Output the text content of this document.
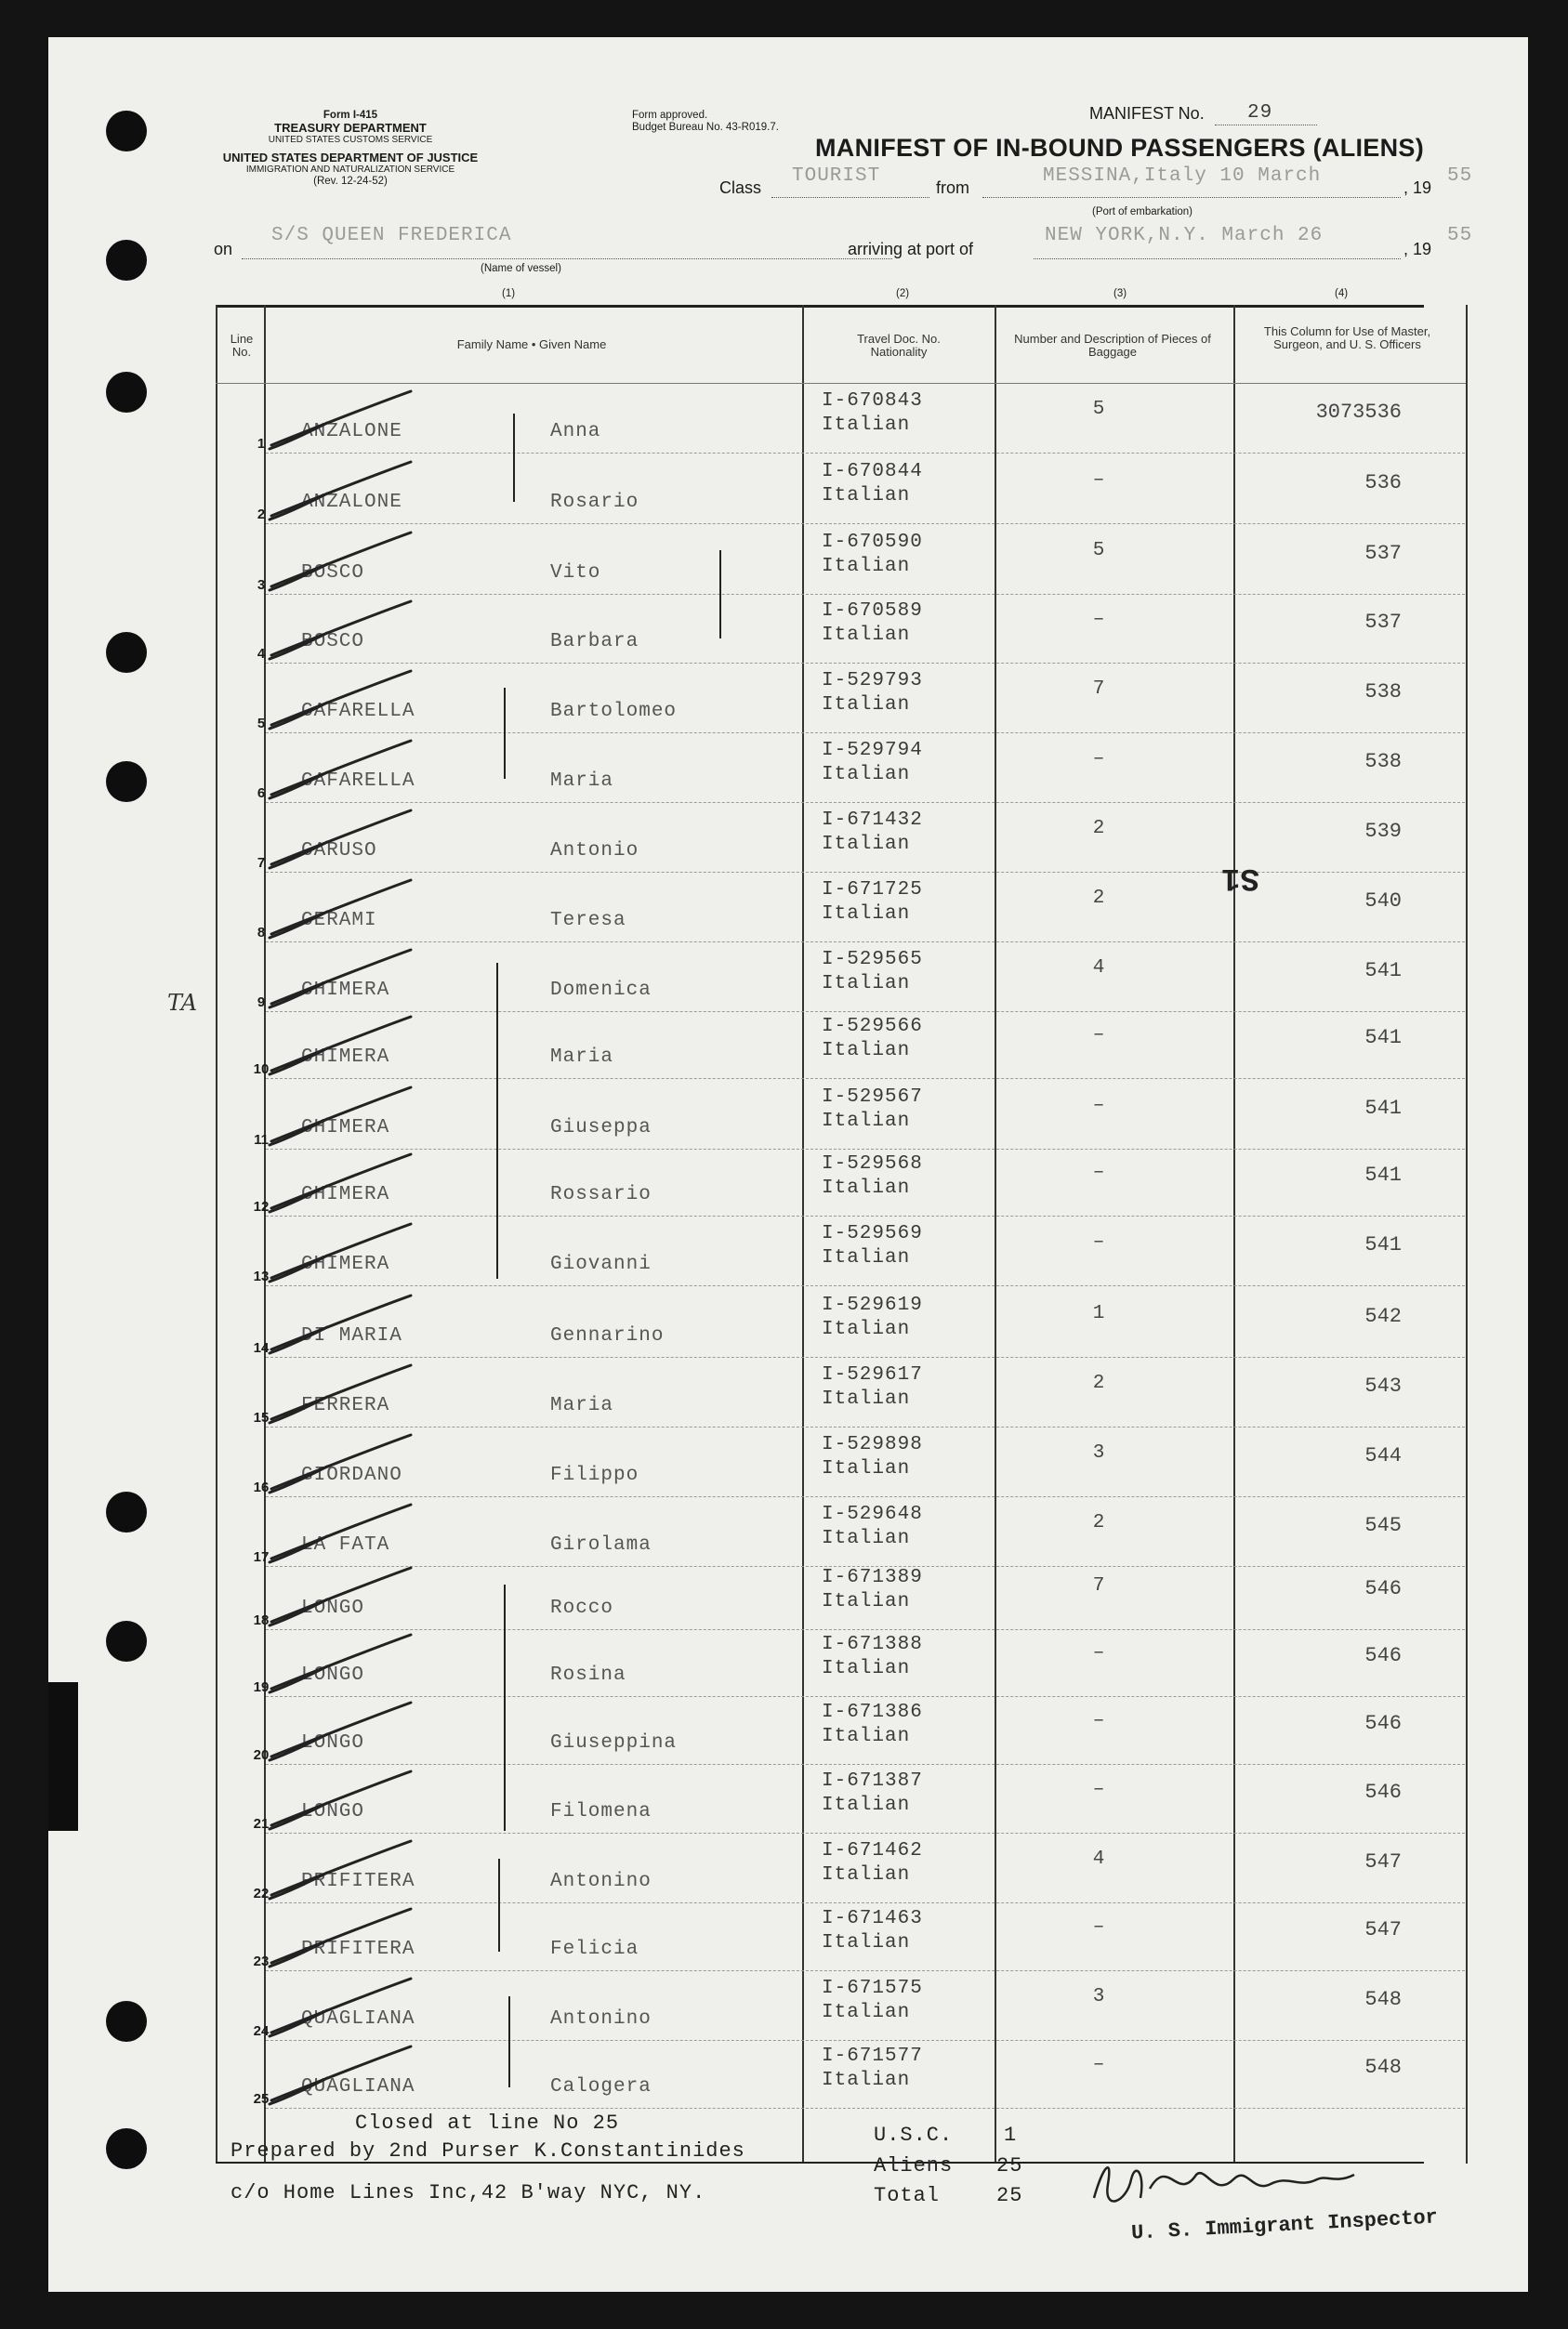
Form I-415
TREASURY DEPARTMENT
UNITED STATES CUSTOMS SERVICE
UNITED STATES DEPARTMENT OF JUSTICE
IMMIGRATION AND NATURALIZATION SERVICE
(Rev. 12-24-52)
Form approved.
Budget Bureau No. 43-R019.7.
MANIFEST No. 29
MANIFEST OF IN-BOUND PASSENGERS (ALIENS)
Class
TOURIST
from
MESSINA,Italy 10 March
, 19
55
(Port of embarkation)
S/S QUEEN FREDERICA
on
(Name of vessel)
arriving at port of
NEW YORK,N.Y. March 26
, 19
55
(1)	(2)	(3)	(4)
Line No.
Family Name • Given Name	Travel Doc. No. Nationality
Number and Description of Pieces of Baggage
This Column for Use of Master, Surgeon, and U. S. Officers
1
ANZALONE	Anna
I-670843
Italian
5	3073536
2
ANZALONE	Rosario
I-670844
Italian
–	536
3
BOSCO	Vito
I-670590
Italian
5	537
4
BOSCO	Barbara
I-670589
Italian
–	537
5
CAFARELLA	Bartolomeo
I-529793
Italian
7	538
6
CAFARELLA	Maria
I-529794
Italian
–	538
7
CARUSO	Antonio
I-671432
Italian
2	539
8
CERAMI	Teresa
I-671725
Italian
2	540
9
CHIMERA	Domenica
I-529565
Italian
4	541
10
CHIMERA	Maria
I-529566
Italian
–	541
11
CHIMERA	Giuseppa
I-529567
Italian
–	541
12
CHIMERA	Rossario
I-529568
Italian
–	541
13
CHIMERA	Giovanni
I-529569
Italian
–	541
14
DI MARIA	Gennarino
I-529619
Italian
1	542
15
FERRERA	Maria
I-529617
Italian
2	543
16
GIORDANO	Filippo
I-529898
Italian
3	544
17
LA FATA	Girolama
I-529648
Italian
2	545
18
LONGO	Rocco
I-671389
Italian
7	546
19
LONGO	Rosina
I-671388
Italian
–	546
20
LONGO	Giuseppina
I-671386
Italian
–	546
21
LONGO	Filomena
I-671387
Italian
–	546
22
PRIFITERA	Antonino
I-671462
Italian
4	547
23
PRIFITERA	Felicia
I-671463
Italian
–	547
24
QUAGLIANA	Antonino
I-671575
Italian
3	548
25
QUAGLIANA	Calogera
I-671577
Italian
–	548
TA
S1
Closed at line No 25
Prepared by 2nd Purser K.Constantinides
c/o Home Lines Inc,42 B'way NYC, NY.
U.S.C. 1
Aliens 25
Total	25
U. S. Immigrant Inspector
